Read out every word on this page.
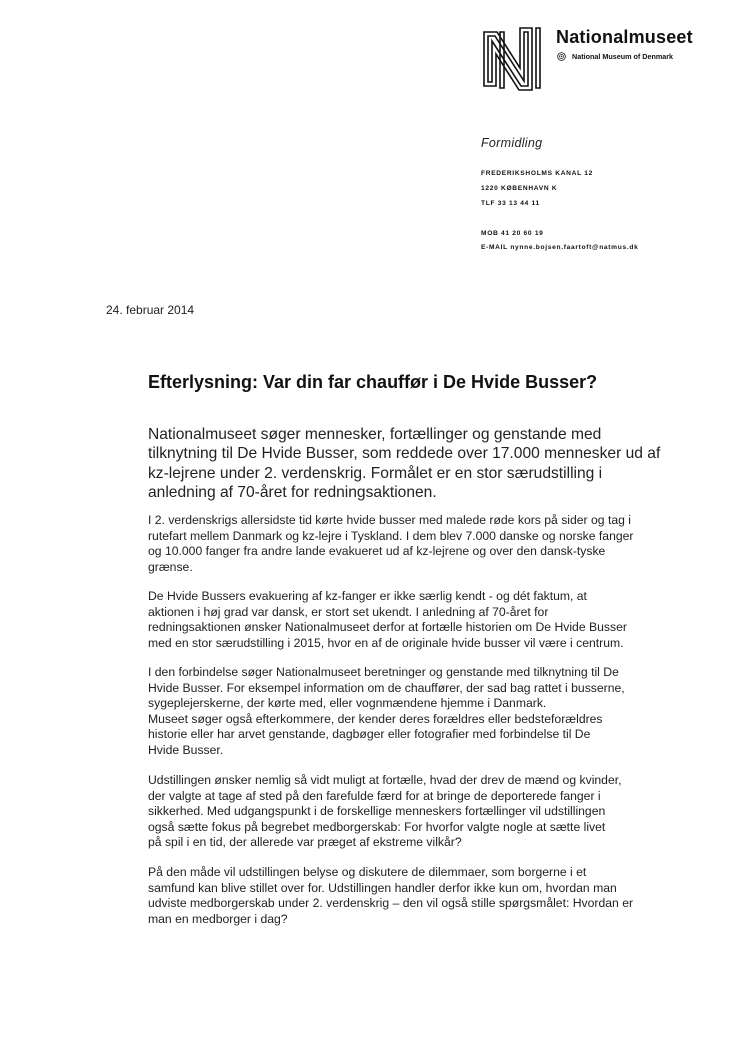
Nationalmuseet
National Museum of Denmark
Formidling
FREDERIKSHOLMS KANAL 12
1220 KØBENHAVN K
TLF 33 13 44 11
MOB 41 20 60 19
E-MAIL nynne.bojsen.faartoft@natmus.dk
24. februar 2014
Efterlysning: Var din far chauffør i De Hvide Busser?
Nationalmuseet søger mennesker, fortællinger og genstande med
tilknytning til De Hvide Busser, som reddede over 17.000 mennesker ud af
kz-lejrene under 2. verdenskrig. Formålet er en stor særudstilling i
anledning af 70-året for redningsaktionen.
I 2. verdenskrigs allersidste tid kørte hvide busser med malede røde kors på sider og tag i
rutefart mellem Danmark og kz-lejre i Tyskland. I dem blev 7.000 danske og norske fanger
og 10.000 fanger fra andre lande evakueret ud af kz-lejrene og over den dansk-tyske
grænse.
De Hvide Bussers evakuering af kz-fanger er ikke særlig kendt - og dét faktum, at
aktionen i høj grad var dansk, er stort set ukendt. I anledning af 70-året for
redningsaktionen ønsker Nationalmuseet derfor at fortælle historien om De Hvide Busser
med en stor særudstilling i 2015, hvor en af de originale hvide busser vil være i centrum.
I den forbindelse søger Nationalmuseet beretninger og genstande med tilknytning til De
Hvide Busser. For eksempel information om de chauffører, der sad bag rattet i busserne,
sygeplejerskerne, der kørte med, eller vognmændene hjemme i Danmark.
Museet søger også efterkommere, der kender deres forældres eller bedsteforældres
historie eller har arvet genstande, dagbøger eller fotografier med forbindelse til De
Hvide Busser.
Udstillingen ønsker nemlig så vidt muligt at fortælle, hvad der drev de mænd og kvinder,
der valgte at tage af sted på den farefulde færd for at bringe de deporterede fanger i
sikkerhed. Med udgangspunkt i de forskellige menneskers fortællinger vil udstillingen
også sætte fokus på begrebet medborgerskab: For hvorfor valgte nogle at sætte livet
på spil i en tid, der allerede var præget af ekstreme vilkår?
På den måde vil udstillingen belyse og diskutere de dilemmaer, som borgerne i et
samfund kan blive stillet over for. Udstillingen handler derfor ikke kun om, hvordan man
udviste medborgerskab under 2. verdenskrig – den vil også stille spørgsmålet: Hvordan er
man en medborger i dag?
